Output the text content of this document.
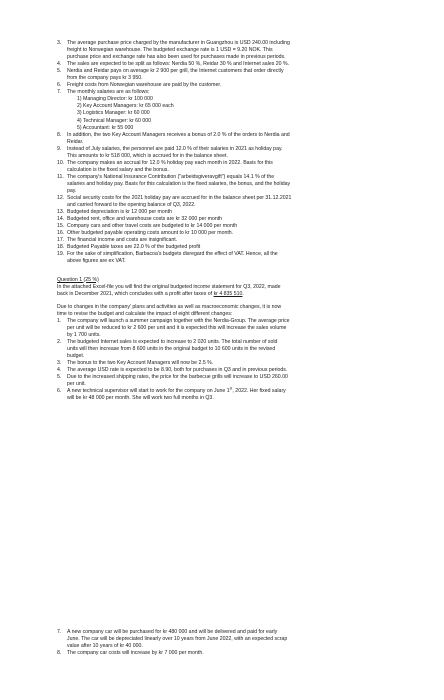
3.	The average purchase price charged by the manufacturer in Guangzhou is USD 240.00 including
freight to Norwegian warehouse. The budgeted exchange rate is 1 USD = 9.20 NOK. This
purchase price and exchange rate has also been used for purchases made in previous periods.
4.	The sales are expected to be split as follows: Nerdia 50 %, Reidar 30 % and Internet sales 20 %.
5.	Nerdia and Reidar pays on average kr 2 900 per grill, the Internet customers that order directly
from the company pays kr 3 950.
6.	Freight costs from Norwegian warehouse are paid by the customer.
7.	The monthly salaries are as follows:
1) Managing Director: kr 100 000
2) Key Account Managers: kr 65 000 each
3) Logistics Manager: kr 60 000
4) Technical Manager: kr 60 000
5) Accountant: kr 55 000
8.	In addition, the two Key Account Managers receives a bonus of 2.0 % of the orders to Nerdia and
Reidar.
9.	Instead of July salaries, the personnel are paid 12.0 % of their salaries in 2021 as holiday pay.
This amounts to kr 518 000, which is accrued for in the balance sheet.
10. The company makes an accrual for 12.0 % holiday pay each month in 2022. Basis for this
calculation is the fixed salary and the bonus.
11. The company's National Insurance Contribution ("arbeidsgiveravgift") equals 14.1 % of the
salaries and holiday pay. Basis for this calculation is the fixed salaries, the bonus, and the holiday
pay.
12. Social security costs for the 2021 holiday pay are accrued for in the balance sheet per 31.12.2021
and carried forward to the opening balance of Q3, 2022.
13. Budgeted depreciation is kr 12 000 per month
14. Budgeted rent, office and warehouse costs are kr 32 000 per month
15. Company cars and other travel costs are budgeted to kr 14 000 per month
16. Other budgeted payable operating costs amount to kr 10 000 per month.
17. The financial income and costs are insignificant.
18. Budgeted Payable taxes are 22.0 % of the budgeted profit
19. For the sake of simplification, Barbacoa's budgets disregard the effect of VAT. Hence, all the
above figures are ex VAT.
Question 1 (25 %)
In the attached Excel-file you will find the original budgeted income statement for Q3, 2022, made
back in December 2021, which concludes with a profit after taxes of kr 4 835 510.
Due to changes in the company' plans and activities as well as macroeconomic changes, it is now
time to revise the budget and calculate the impact of eight different changes:
1.	The company will launch a summer campaign together with the Nerdia-Group. The average price
per unit will be reduced to kr 2 600 per unit and it is expected this will increase the sales volume
by 1 700 units.
2.	The budgeted Internet sales is expected to increase to 2 020 units. The total number of sold
units will then increase from 8 600 units in the original budget to 10 600 units in the revised
budget.
3.	The bonus to the two Key Account Managers will now be 2.5 %.
4.	The average USD rate is expected to be 8.90, both for purchases in Q3 and in previous periods.
5.	Due to the increased shipping rates, the price for the barbecue grills will increase to USD 260.00
per unit.
6.	A new technical supervisor will start to work for the company on June 1st, 2022. Her fixed salary
will be kr 48 000 per month. She will work two full months in Q3.
7.	A new company car will be purchased for kr 480 000 and will be delivered and paid for early
June. The car will be depreciated linearly over 10 years from June 2022, with an expected scrap
value after 10 years of kr 40 000.
8.	The company car costs will increase by kr 7 000 per month.
